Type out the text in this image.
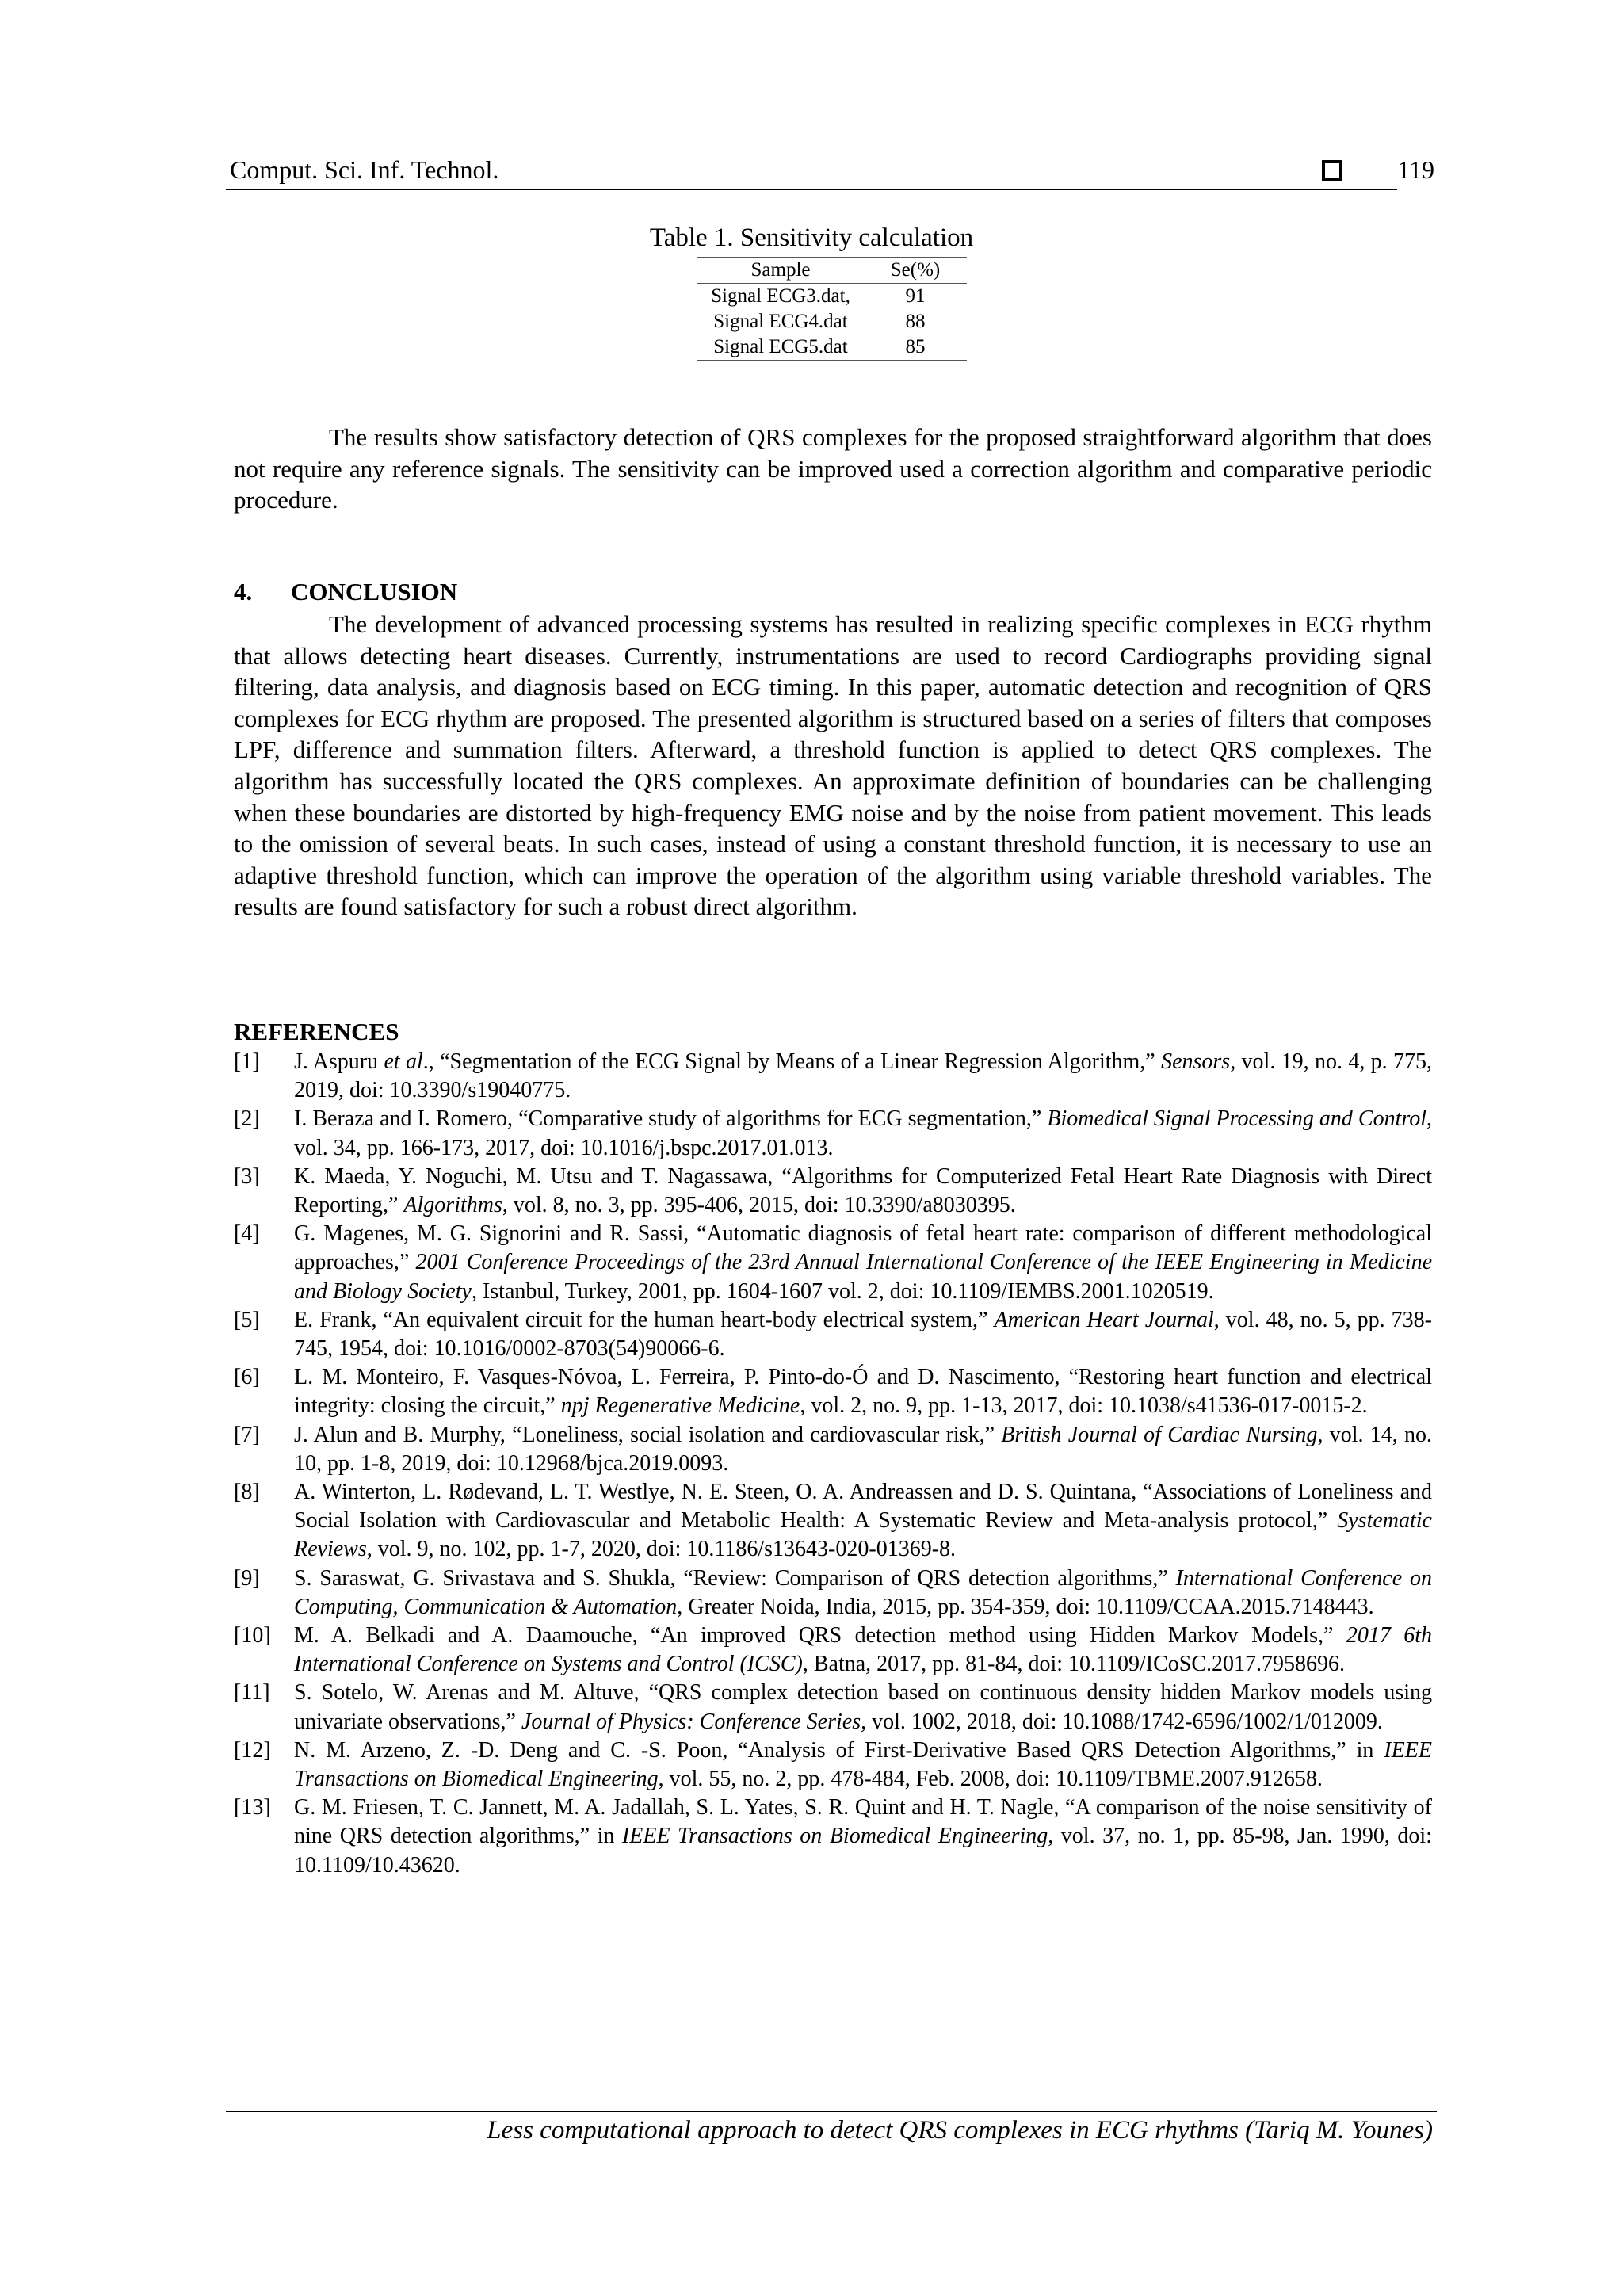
Comput. Sci. Inf. Technol.	119
Table 1. Sensitivity calculation
Sample	Se(%)
Signal ECG3.dat,	91
Signal ECG4.dat	88
Signal ECG5.dat	85

The results show satisfactory detection of QRS complexes for the proposed straightforward algorithm that does not require any reference signals. The sensitivity can be improved used a correction algorithm and comparative periodic procedure.

4. CONCLUSION

The development of advanced processing systems has resulted in realizing specific complexes in ECG rhythm that allows detecting heart diseases. Currently, instrumentations are used to record Cardiographs providing signal filtering, data analysis, and diagnosis based on ECG timing. In this paper, automatic detection and recognition of QRS complexes for ECG rhythm are proposed. The presented algorithm is structured based on a series of filters that composes LPF, difference and summation filters. Afterward, a threshold function is applied to detect QRS complexes. The algorithm has successfully located the QRS complexes. An approximate definition of boundaries can be challenging when these boundaries are distorted by high-frequency EMG noise and by the noise from patient movement. This leads to the omission of several beats. In such cases, instead of using a constant threshold function, it is necessary to use an adaptive threshold function, which can improve the operation of the algorithm using variable threshold variables. The results are found satisfactory for such a robust direct algorithm.

REFERENCES
[1]	J. Aspuru et al., “Segmentation of the ECG Signal by Means of a Linear Regression Algorithm,” Sensors, vol. 19, no. 4, p. 775, 2019, doi: 10.3390/s19040775.
[2]	I. Beraza and I. Romero, “Comparative study of algorithms for ECG segmentation,” Biomedical Signal Processing and Control, vol. 34, pp. 166-173, 2017, doi: 10.1016/j.bspc.2017.01.013.
[3]	K. Maeda, Y. Noguchi, M. Utsu and T. Nagassawa, “Algorithms for Computerized Fetal Heart Rate Diagnosis with Direct Reporting,” Algorithms, vol. 8, no. 3, pp. 395-406, 2015, doi: 10.3390/a8030395.
[4]	G. Magenes, M. G. Signorini and R. Sassi, “Automatic diagnosis of fetal heart rate: comparison of different methodological approaches,” 2001 Conference Proceedings of the 23rd Annual International Conference of the IEEE Engineering in Medicine and Biology Society, Istanbul, Turkey, 2001, pp. 1604-1607 vol. 2, doi: 10.1109/IEMBS.2001.1020519.
[5]	E. Frank, “An equivalent circuit for the human heart-body electrical system,” American Heart Journal, vol. 48, no. 5, pp. 738-745, 1954, doi: 10.1016/0002-8703(54)90066-6.
[6]	L. M. Monteiro, F. Vasques-Nóvoa, L. Ferreira, P. Pinto-do-Ó and D. Nascimento, “Restoring heart function and electrical integrity: closing the circuit,” npj Regenerative Medicine, vol. 2, no. 9, pp. 1-13, 2017, doi: 10.1038/s41536-017-0015-2.
[7]	J. Alun and B. Murphy, “Loneliness, social isolation and cardiovascular risk,” British Journal of Cardiac Nursing, vol. 14, no. 10, pp. 1-8, 2019, doi: 10.12968/bjca.2019.0093.
[8]	A. Winterton, L. Rødevand, L. T. Westlye, N. E. Steen, O. A. Andreassen and D. S. Quintana, “Associations of Loneliness and Social Isolation with Cardiovascular and Metabolic Health: A Systematic Review and Meta-analysis protocol,” Systematic Reviews, vol. 9, no. 102, pp. 1-7, 2020, doi: 10.1186/s13643-020-01369-8.
[9]	S. Saraswat, G. Srivastava and S. Shukla, “Review: Comparison of QRS detection algorithms,” International Conference on Computing, Communication & Automation, Greater Noida, India, 2015, pp. 354-359, doi: 10.1109/CCAA.2015.7148443.
[10]	M. A. Belkadi and A. Daamouche, “An improved QRS detection method using Hidden Markov Models,” 2017 6th International Conference on Systems and Control (ICSC), Batna, 2017, pp. 81-84, doi: 10.1109/ICoSC.2017.7958696.
[11]	S. Sotelo, W. Arenas and M. Altuve, “QRS complex detection based on continuous density hidden Markov models using univariate observations,” Journal of Physics: Conference Series, vol. 1002, 2018, doi: 10.1088/1742-6596/1002/1/012009.
[12]	N. M. Arzeno, Z. -D. Deng and C. -S. Poon, “Analysis of First-Derivative Based QRS Detection Algorithms,” in IEEE Transactions on Biomedical Engineering, vol. 55, no. 2, pp. 478-484, Feb. 2008, doi: 10.1109/TBME.2007.912658.
[13]	G. M. Friesen, T. C. Jannett, M. A. Jadallah, S. L. Yates, S. R. Quint and H. T. Nagle, “A comparison of the noise sensitivity of nine QRS detection algorithms,” in IEEE Transactions on Biomedical Engineering, vol. 37, no. 1, pp. 85-98, Jan. 1990, doi: 10.1109/10.43620.
Less computational approach to detect QRS complexes in ECG rhythms (Tariq M. Younes)
